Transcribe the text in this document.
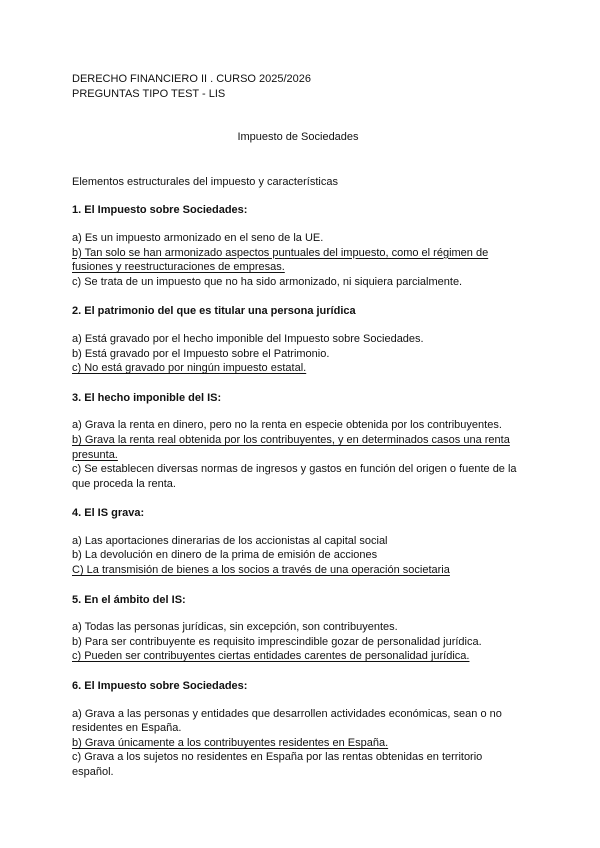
DERECHO FINANCIERO II . CURSO 2025/2026
PREGUNTAS TIPO TEST - LIS
Impuesto de Sociedades
Elementos estructurales del impuesto y características
1. El Impuesto sobre Sociedades:
a) Es un impuesto armonizado en el seno de la UE.
b) Tan solo se han armonizado aspectos puntuales del impuesto, como el régimen de fusiones y reestructuraciones de empresas.
c) Se trata de un impuesto que no ha sido armonizado, ni siquiera parcialmente.
2. El patrimonio del que es titular una persona jurídica
a) Está gravado por el hecho imponible del Impuesto sobre Sociedades.
b) Está gravado por el Impuesto sobre el Patrimonio.
c) No está gravado por ningún impuesto estatal.
3. El hecho imponible del IS:
a) Grava la renta en dinero, pero no la renta en especie obtenida por los contribuyentes.
b) Grava la renta real obtenida por los contribuyentes, y en determinados casos una renta presunta.
c) Se establecen diversas normas de ingresos y gastos en función del origen o fuente de la que proceda la renta.
4. El IS grava:
a) Las aportaciones dinerarias de los accionistas al capital social
b) La devolución en dinero de la prima de emisión de acciones
C) La transmisión de bienes a los socios a través de una operación societaria
5. En el ámbito del IS:
a) Todas las personas jurídicas, sin excepción, son contribuyentes.
b) Para ser contribuyente es requisito imprescindible gozar de personalidad jurídica.
c) Pueden ser contribuyentes ciertas entidades carentes de personalidad jurídica.
6. El Impuesto sobre Sociedades:
a) Grava a las personas y entidades que desarrollen actividades económicas, sean o no residentes en España.
b) Grava únicamente a los contribuyentes residentes en España.
c) Grava a los sujetos no residentes en España por las rentas obtenidas en territorio español.
